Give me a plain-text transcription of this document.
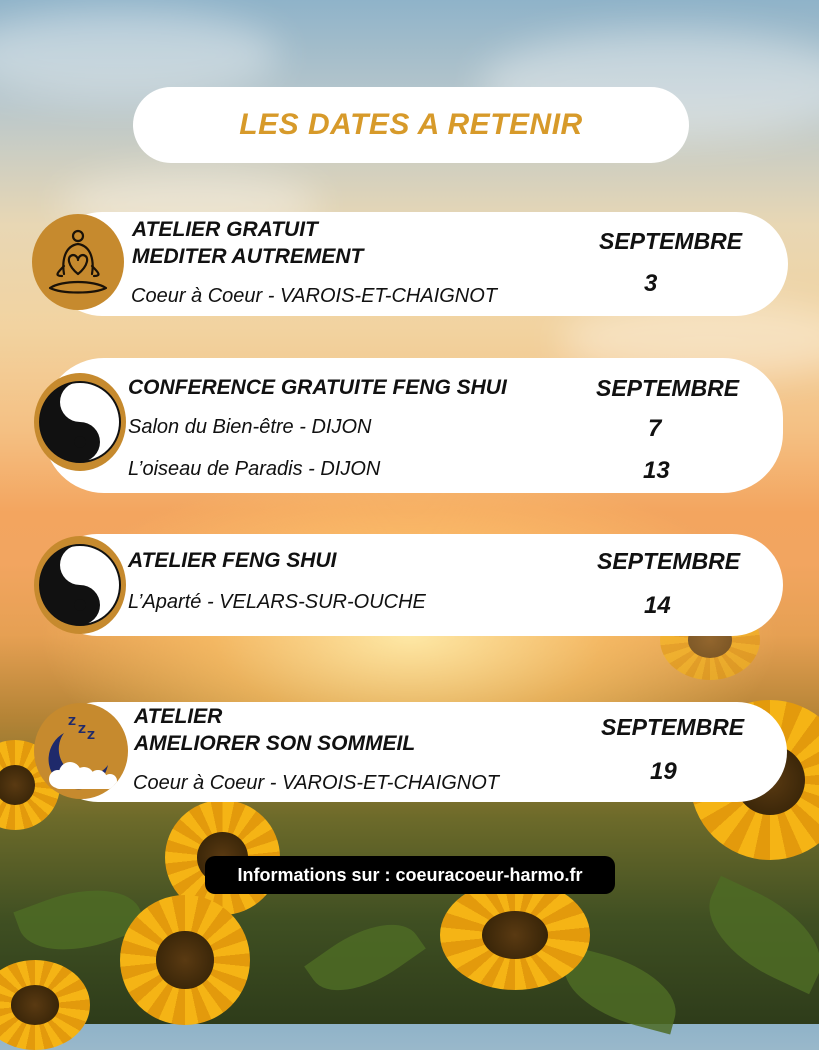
LES DATES A RETENIR
ATELIER GRATUIT
MEDITER AUTREMENT
Coeur à Coeur - VAROIS-ET-CHAIGNOT
SEPTEMBRE
3
CONFERENCE GRATUITE FENG SHUI
Salon du Bien-être - DIJON
L’oiseau de Paradis - DIJON
SEPTEMBRE
7
13
ATELIER FENG SHUI
L’Aparté - VELARS-SUR-OUCHE
SEPTEMBRE
14
ATELIER
AMELIORER SON SOMMEIL
Coeur à Coeur - VAROIS-ET-CHAIGNOT
SEPTEMBRE
19
Z
Z Z
Informations sur : coeuracoeur-harmo.fr
